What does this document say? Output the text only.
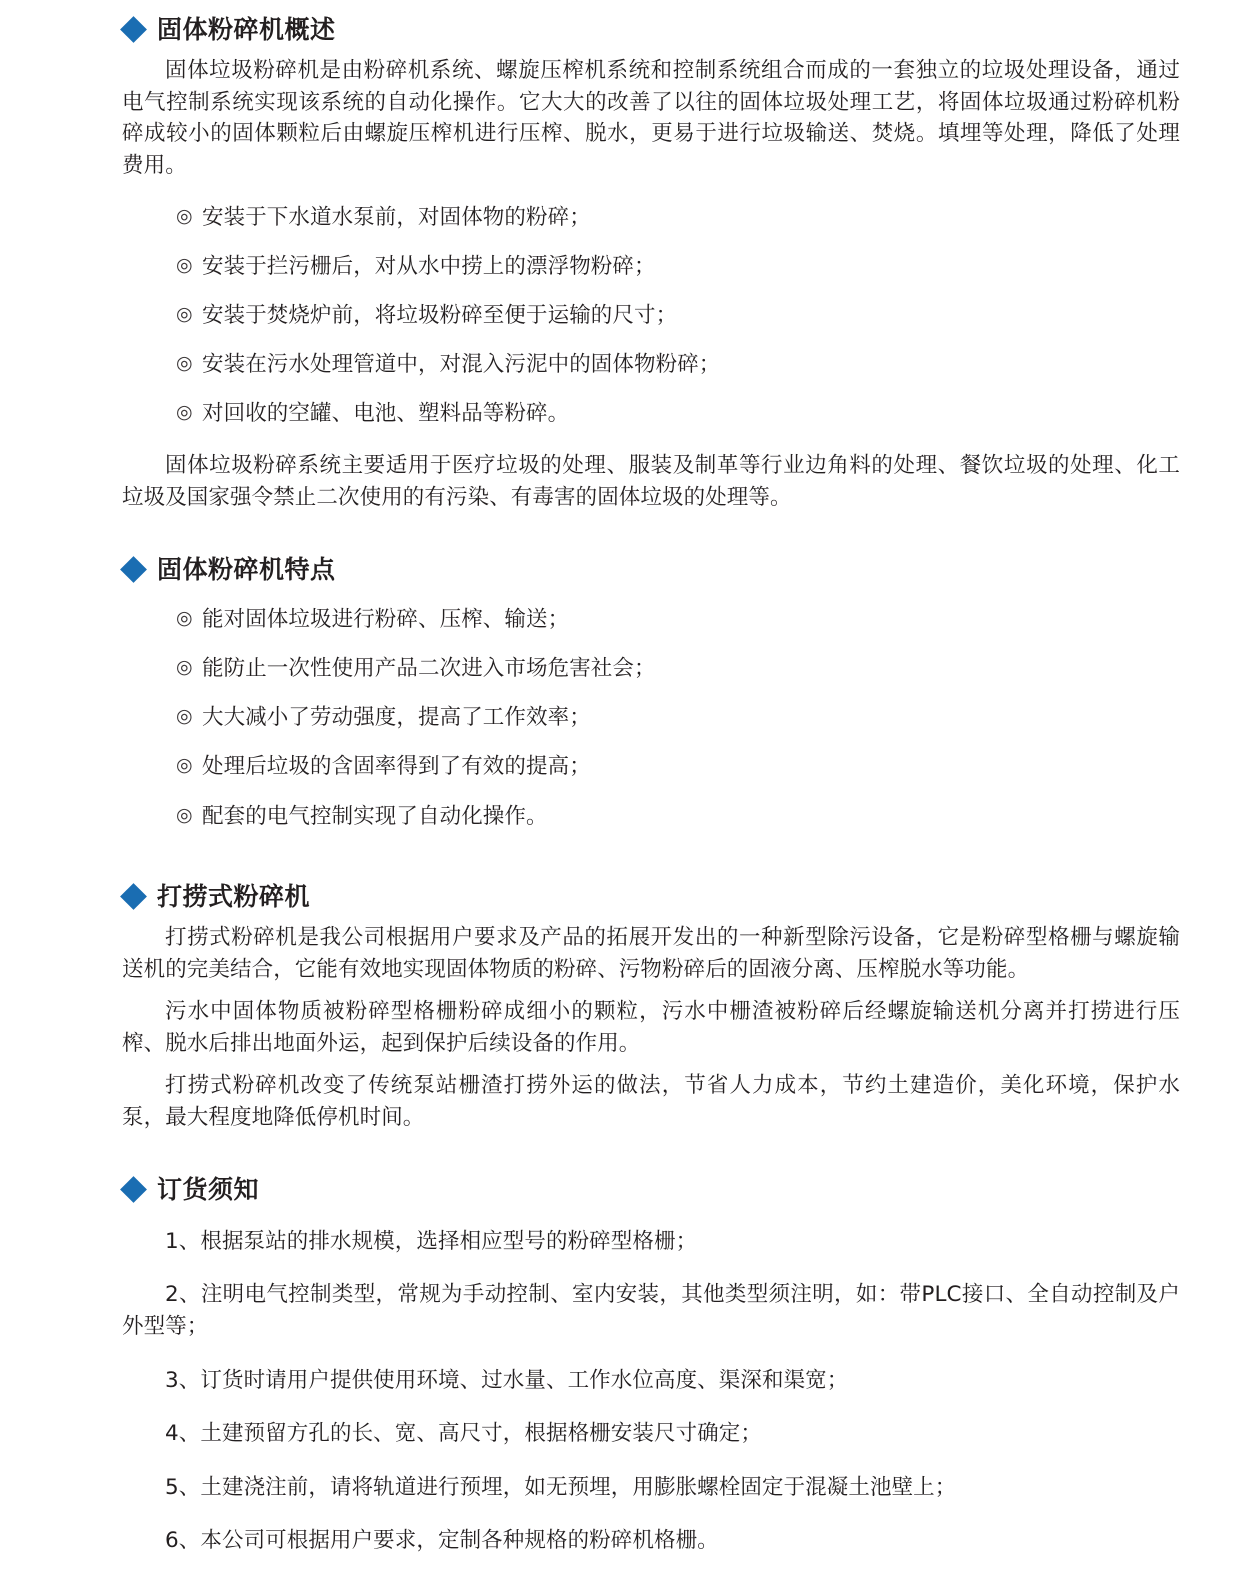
固体粉碎机概述

固体垃圾粉碎机是由粉碎机系统、螺旋压榨机系统和控制系统组合而成的一套独立的垃圾处理设备，通过电气控制系统实现该系统的自动化操作。它大大的改善了以往的固体垃圾处理工艺，将固体垃圾通过粉碎机粉碎成较小的固体颗粒后由螺旋压榨机进行压榨、脱水，更易于进行垃圾输送、焚烧。填埋等处理，降低了处理费用。

◎ 安装于下水道水泵前，对固体物的粉碎；
◎ 安装于拦污栅后，对从水中捞上的漂浮物粉碎；
◎ 安装于焚烧炉前，将垃圾粉碎至便于运输的尺寸；
◎ 安装在污水处理管道中，对混入污泥中的固体物粉碎；
◎ 对回收的空罐、电池、塑料品等粉碎。

固体垃圾粉碎系统主要适用于医疗垃圾的处理、服装及制革等行业边角料的处理、餐饮垃圾的处理、化工垃圾及国家强令禁止二次使用的有污染、有毒害的固体垃圾的处理等。

固体粉碎机特点
◎ 能对固体垃圾进行粉碎、压榨、输送；
◎ 能防止一次性使用产品二次进入市场危害社会；
◎ 大大减小了劳动强度，提高了工作效率；
◎ 处理后垃圾的含固率得到了有效的提高；
◎ 配套的电气控制实现了自动化操作。
打捞式粉碎机

打捞式粉碎机是我公司根据用户要求及产品的拓展开发出的一种新型除污设备，它是粉碎型格栅与螺旋输送机的完美结合，它能有效地实现固体物质的粉碎、污物粉碎后的固液分离、压榨脱水等功能。

污水中固体物质被粉碎型格栅粉碎成细小的颗粒，污水中栅渣被粉碎后经螺旋输送机分离并打捞进行压榨、脱水后排出地面外运，起到保护后续设备的作用。

打捞式粉碎机改变了传统泵站栅渣打捞外运的做法，节省人力成本，节约土建造价，美化环境，保护水泵，最大程度地降低停机时间。

订货须知
1、根据泵站的排水规模，选择相应型号的粉碎型格栅；
2、注明电气控制类型，常规为手动控制、室内安装，其他类型须注明，如：带PLC接口、全自动控制及户外型等；
3、订货时请用户提供使用环境、过水量、工作水位高度、渠深和渠宽；
4、土建预留方孔的长、宽、高尺寸，根据格栅安装尺寸确定；
5、土建浇注前，请将轨道进行预埋，如无预埋，用膨胀螺栓固定于混凝土池壁上；
6、本公司可根据用户要求，定制各种规格的粉碎机格栅。
